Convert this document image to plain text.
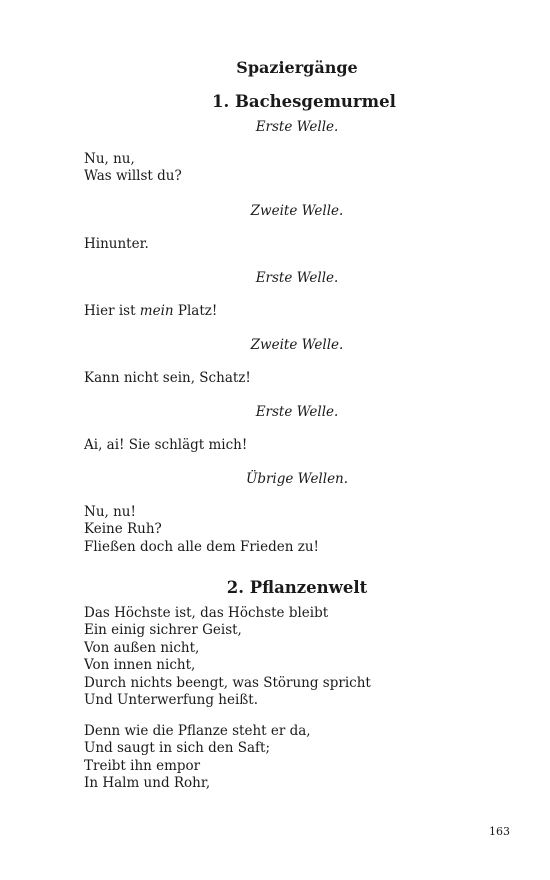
Spaziergänge
1. Bachesgemurmel
Erste Welle.
Nu, nu,
Was willst du?
Zweite Welle.
Hinunter.
Erste Welle.
Hier ist mein Platz!
Zweite Welle.
Kann nicht sein, Schatz!
Erste Welle.
Ai, ai! Sie schlägt mich!
Übrige Wellen.
Nu, nu!
Keine Ruh?
Fließen doch alle dem Frieden zu!
2. Pflanzenwelt
Das Höchste ist, das Höchste bleibt
Ein einig sichrer Geist,
Von außen nicht,
Von innen nicht,
Durch nichts beengt, was Störung spricht
Und Unterwerfung heißt.
Denn wie die Pflanze steht er da,
Und saugt in sich den Saft;
Treibt ihn empor
In Halm und Rohr,
163
